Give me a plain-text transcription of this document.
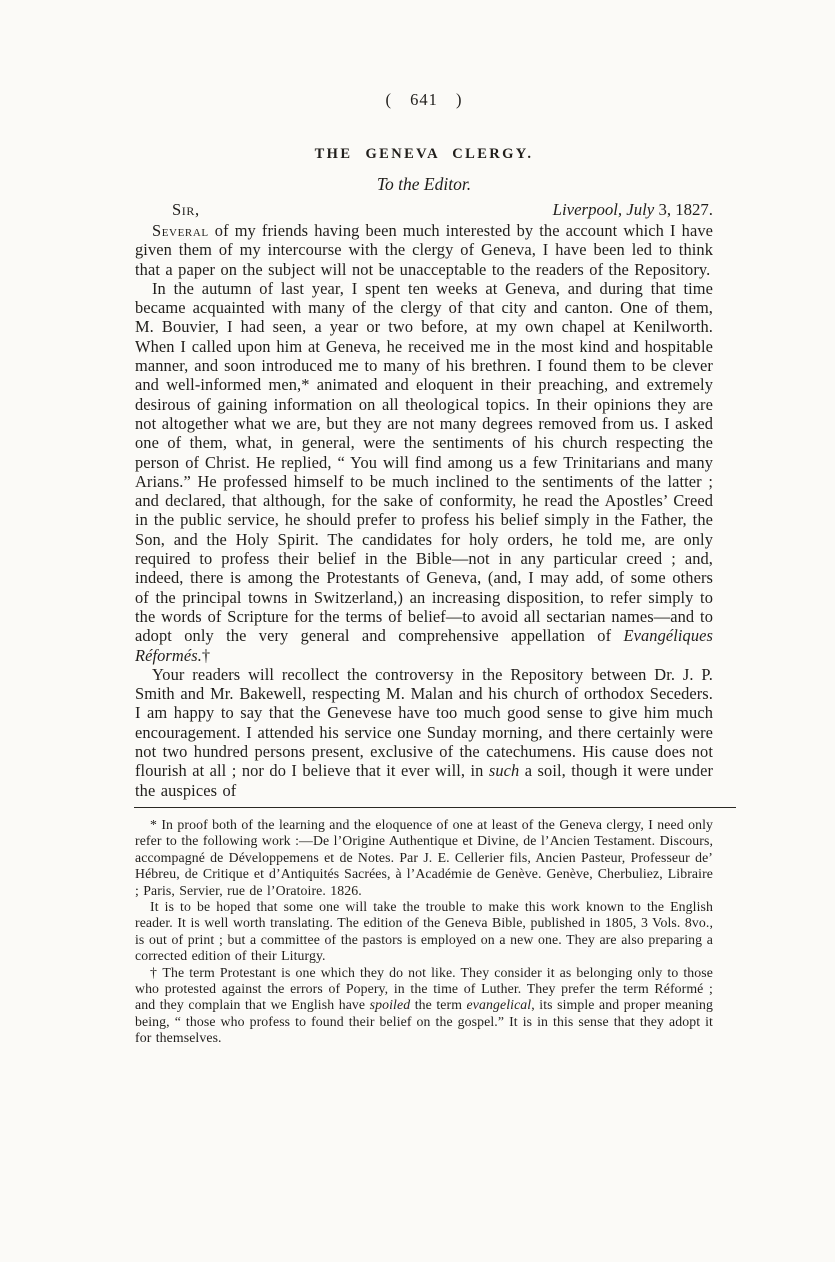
( 641 )
THE GENEVA CLERGY.
To the Editor.
Sir,	Liverpool, July 3, 1827.

Several of my friends having been much interested by the account which I have given them of my intercourse with the clergy of Geneva, I have been led to think that a paper on the subject will not be unacceptable to the readers of the Repository.

In the autumn of last year, I spent ten weeks at Geneva, and during that time became acquainted with many of the clergy of that city and canton. One of them, M. Bouvier, I had seen, a year or two before, at my own chapel at Kenilworth. When I called upon him at Geneva, he received me in the most kind and hospitable manner, and soon introduced me to many of his brethren. I found them to be clever and well-informed men,* animated and eloquent in their preaching, and extremely desirous of gaining information on all theological topics. In their opinions they are not altogether what we are, but they are not many degrees removed from us. I asked one of them, what, in general, were the sentiments of his church respecting the person of Christ. He replied, “ You will find among us a few Trinitarians and many Arians.” He professed himself to be much inclined to the sentiments of the latter ; and declared, that although, for the sake of conformity, he read the Apostles’ Creed in the public service, he should prefer to profess his belief simply in the Father, the Son, and the Holy Spirit. The candidates for holy orders, he told me, are only required to profess their belief in the Bible—not in any particular creed ; and, indeed, there is among the Protestants of Geneva, (and, I may add, of some others of the principal towns in Switzerland,) an increasing disposition, to refer simply to the words of Scripture for the terms of belief—to avoid all sectarian names—and to adopt only the very general and comprehensive appellation of Evangéliques Réformés.†

Your readers will recollect the controversy in the Repository between Dr. J. P. Smith and Mr. Bakewell, respecting M. Malan and his church of orthodox Seceders. I am happy to say that the Genevese have too much good sense to give him much encouragement. I attended his service one Sunday morning, and there certainly were not two hundred persons present, exclusive of the catechumens. His cause does not flourish at all ; nor do I believe that it ever will, in such a soil, though it were under the auspices of

* In proof both of the learning and the eloquence of one at least of the Geneva clergy, I need only refer to the following work :—De l’Origine Authentique et Divine, de l’Ancien Testament. Discours, accompagné de Développemens et de Notes. Par J. E. Cellerier fils, Ancien Pasteur, Professeur de’ Hébreu, de Critique et d’Antiquités Sacrées, à l’Académie de Genève. Genève, Cherbuliez, Libraire ; Paris, Servier, rue de l’Oratoire. 1826.

It is to be hoped that some one will take the trouble to make this work known to the English reader. It is well worth translating. The edition of the Geneva Bible, published in 1805, 3 Vols. 8vo., is out of print ; but a committee of the pastors is employed on a new one. They are also preparing a corrected edition of their Liturgy.

† The term Protestant is one which they do not like. They consider it as belonging only to those who protested against the errors of Popery, in the time of Luther. They prefer the term Réformé ; and they complain that we English have spoiled the term evangelical, its simple and proper meaning being, “ those who profess to found their belief on the gospel.” It is in this sense that they adopt it for themselves.
